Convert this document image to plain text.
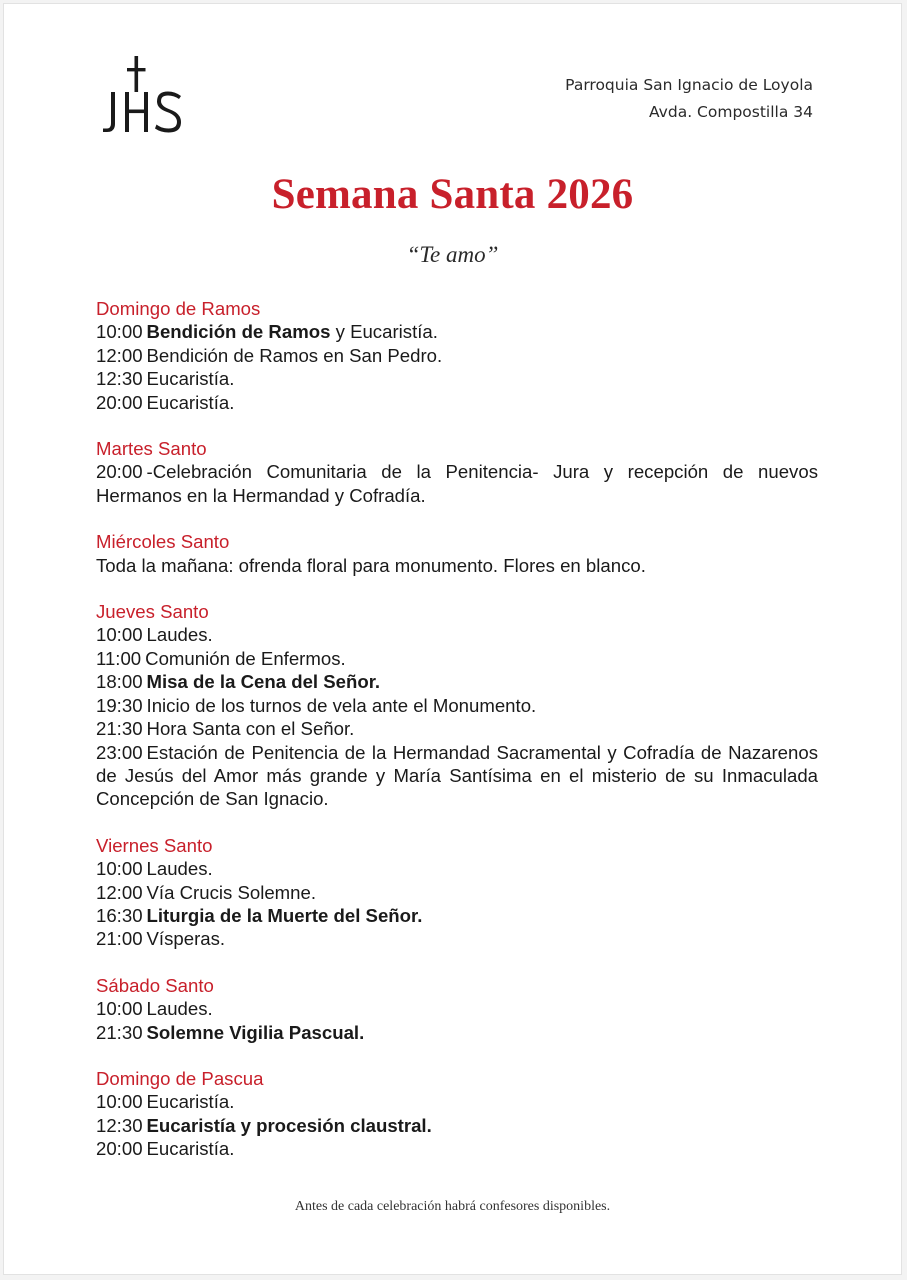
Parroquia San Ignacio de Loyola
Avda. Compostilla 34
Semana Santa 2026
“Te amo”
Domingo de Ramos
10:00 Bendición de Ramos y Eucaristía.
12:00 Bendición de Ramos en San Pedro.
12:30 Eucaristía.
20:00 Eucaristía.
Martes Santo
20:00 -Celebración Comunitaria de la Penitencia- Jura y recepción de nuevos Hermanos en la Hermandad y Cofradía.
Miércoles Santo
Toda la mañana: ofrenda floral para monumento. Flores en blanco.
Jueves Santo
10:00 Laudes.
11:00 Comunión de Enfermos.
18:00 Misa de la Cena del Señor.
19:30 Inicio de los turnos de vela ante el Monumento.
21:30 Hora Santa con el Señor.
23:00 Estación de Penitencia de la Hermandad Sacramental y Cofradía de Nazarenos de Jesús del Amor más grande y María Santísima en el misterio de su Inmaculada Concepción de San Ignacio.
Viernes Santo
10:00 Laudes.
12:00 Vía Crucis Solemne.
16:30 Liturgia de la Muerte del Señor.
21:00 Vísperas.
Sábado Santo
10:00 Laudes.
21:30 Solemne Vigilia Pascual.
Domingo de Pascua
10:00 Eucaristía.
12:30 Eucaristía y procesión claustral.
20:00 Eucaristía.
Antes de cada celebración habrá confesores disponibles.
